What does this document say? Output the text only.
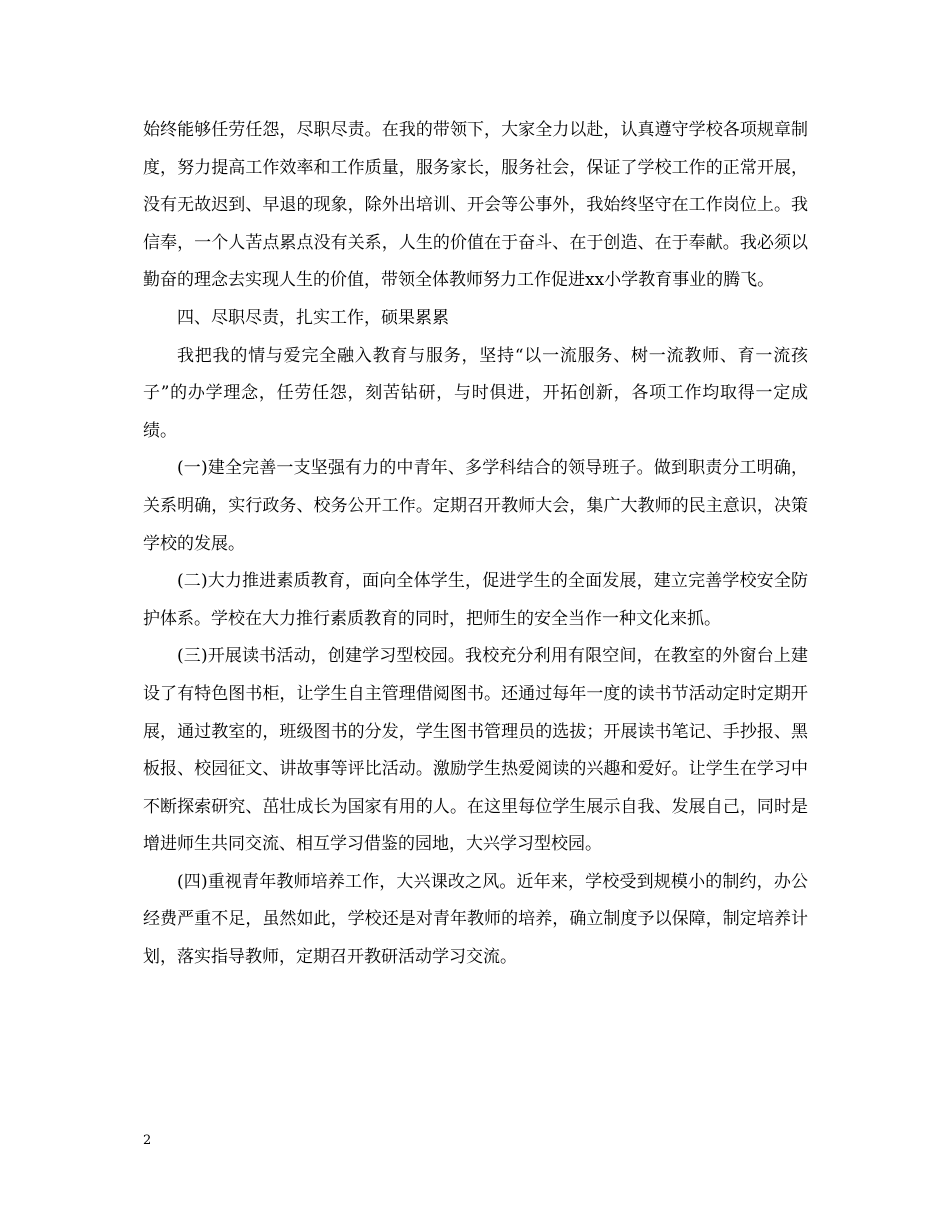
始终能够任劳任怨，尽职尽责。在我的带领下，大家全力以赴，认真遵守学校各项规章制度，努力提高工作效率和工作质量，服务家长，服务社会，保证了学校工作的正常开展，没有无故迟到、早退的现象，除外出培训、开会等公事外，我始终坚守在工作岗位上。我信奉，一个人苦点累点没有关系，人生的价值在于奋斗、在于创造、在于奉献。我必须以勤奋的理念去实现人生的价值，带领全体教师努力工作促进xx小学教育事业的腾飞。

四、尽职尽责，扎实工作，硕果累累

我把我的情与爱完全融入教育与服务，坚持“以一流服务、树一流教师、育一流孩子”的办学理念，任劳任怨，刻苦钻研，与时俱进，开拓创新，各项工作均取得一定成绩。

(一)建全完善一支坚强有力的中青年、多学科结合的领导班子。做到职责分工明确，关系明确，实行政务、校务公开工作。定期召开教师大会，集广大教师的民主意识，决策学校的发展。

(二)大力推进素质教育，面向全体学生，促进学生的全面发展，建立完善学校安全防护体系。学校在大力推行素质教育的同时，把师生的安全当作一种文化来抓。

(三)开展读书活动，创建学习型校园。我校充分利用有限空间，在教室的外窗台上建设了有特色图书柜，让学生自主管理借阅图书。还通过每年一度的读书节活动定时定期开展，通过教室的，班级图书的分发，学生图书管理员的选拔；开展读书笔记、手抄报、黑板报、校园征文、讲故事等评比活动。激励学生热爱阅读的兴趣和爱好。让学生在学习中不断探索研究、茁壮成长为国家有用的人。在这里每位学生展示自我、发展自己，同时是增进师生共同交流、相互学习借鉴的园地，大兴学习型校园。

(四)重视青年教师培养工作，大兴课改之风。近年来，学校受到规模小的制约，办公经费严重不足，虽然如此，学校还是对青年教师的培养，确立制度予以保障，制定培养计划，落实指导教师，定期召开教研活动学习交流。

2
